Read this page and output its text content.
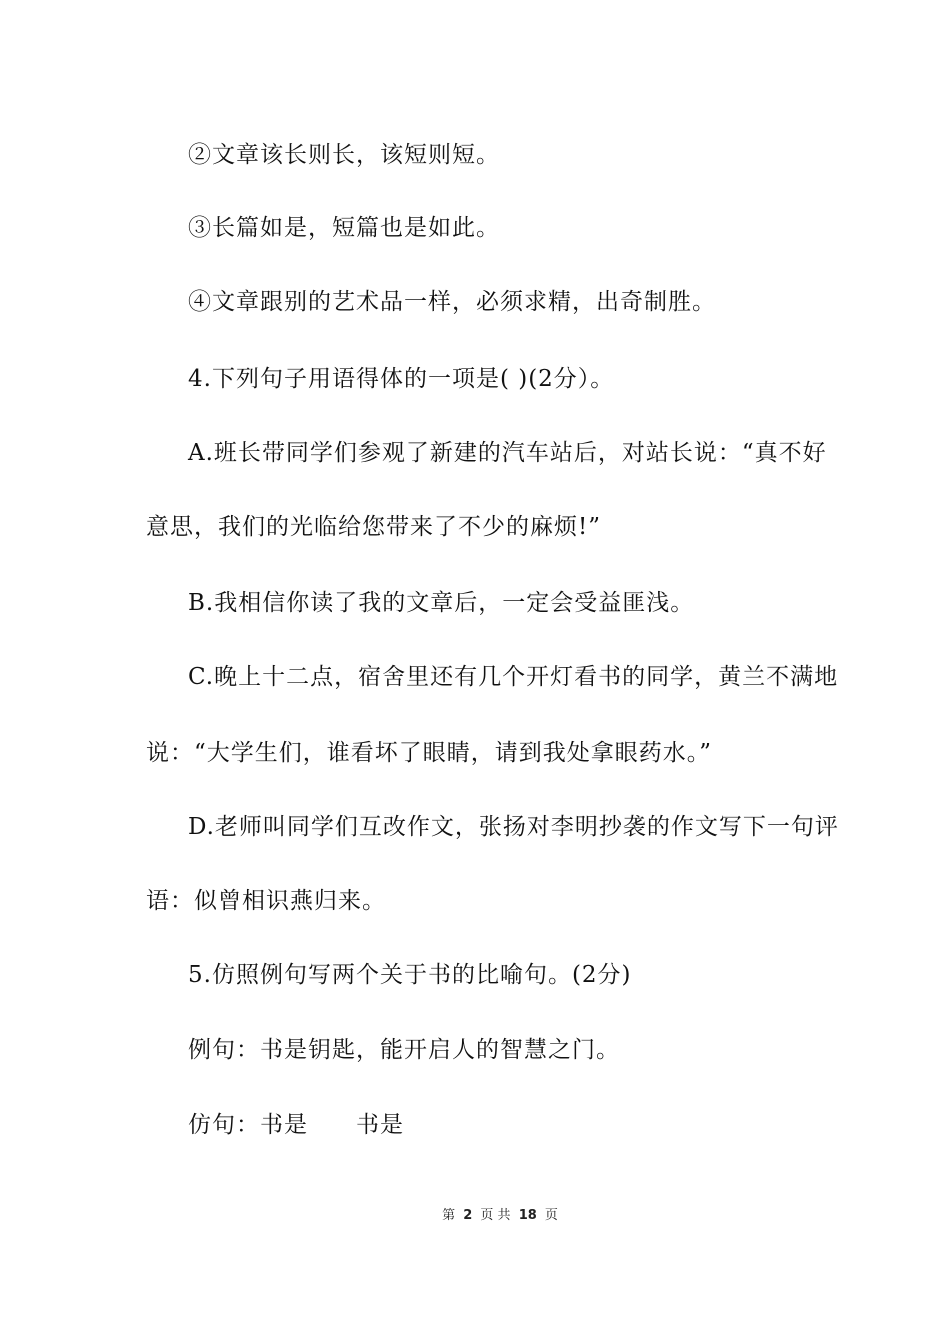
②文章该长则长，该短则短。
③长篇如是，短篇也是如此。
④文章跟别的艺术品一样，必须求精，出奇制胜。
4.下列句子用语得体的一项是( )(2分）。
A.班长带同学们参观了新建的汽车站后，对站长说：“真不好
意思，我们的光临给您带来了不少的麻烦!”
B.我相信你读了我的文章后，一定会受益匪浅。
C.晚上十二点，宿舍里还有几个开灯看书的同学，黄兰不满地
说：“大学生们，谁看坏了眼睛，请到我处拿眼药水。”
D.老师叫同学们互改作文，张扬对李明抄袭的作文写下一句评
语：似曾相识燕归来。
5.仿照例句写两个关于书的比喻句。(2分)
例句：书是钥匙，能开启人的智慧之门。
仿句：书是　　书是
第 2 页 共 18 页
